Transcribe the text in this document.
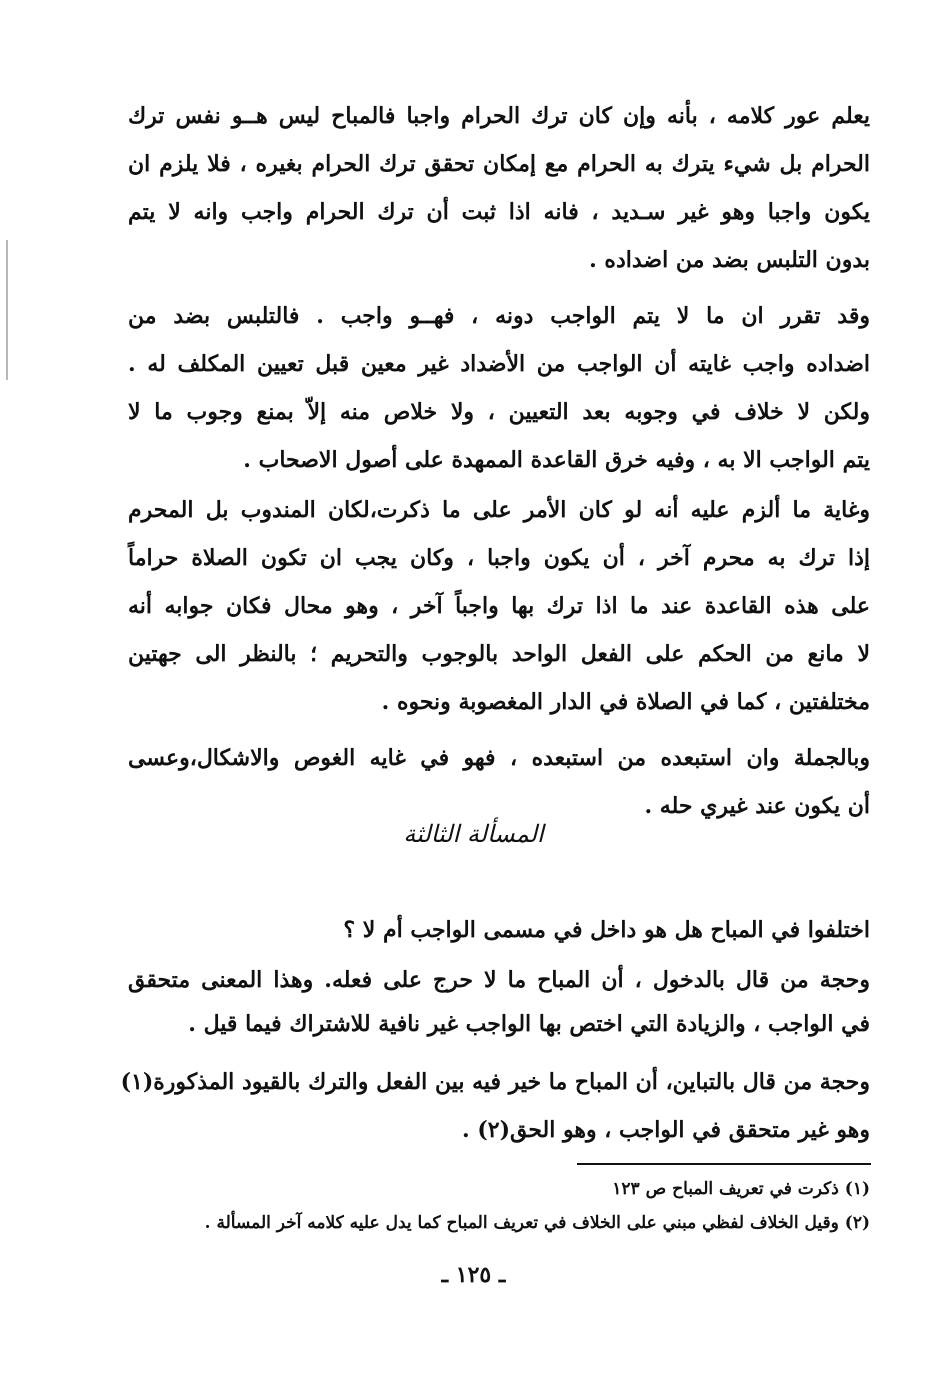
يعلم عور كلامه ، بأنه وإن كان ترك الحرام واجبا فالمباح ليس هــو نفس ترك
الحرام بل شيء يترك به الحرام مع إمكان تحقق ترك الحرام بغيره ، فلا يلزم ان
يكون واجبا وهو غير سـديد ، فانه اذا ثبت أن ترك الحرام واجب وانه لا يتم
بدون التلبس بضد من اضداده .
وقد تقرر ان ما لا يتم الواجب دونه ، فهــو واجب . فالتلبس بضد من
اضداده واجب غايته أن الواجب من الأضداد غير معين قبل تعيين المكلف له .
ولكن لا خلاف في وجوبه بعد التعيين ، ولا خلاص منه إلاّ بمنع وجوب ما لا
يتم الواجب الا به ، وفيه خرق القاعدة الممهدة على أصول الاصحاب .
وغاية ما ألزم عليه أنه لو كان الأمر على ما ذكرت،لكان المندوب بل المحرم
إذا ترك به محرم آخر ، أن يكون واجبا ، وكان يجب ان تكون الصلاة حراماً
على هذه القاعدة عند ما اذا ترك بها واجباً آخر ، وهو محال فكان جوابه أنه
لا مانع من الحكم على الفعل الواحد بالوجوب والتحريم ؛ بالنظر الى جهتين
مختلفتين ، كما في الصلاة في الدار المغصوبة ونحوه .
وبالجملة وان استبعده من استبعده ، فهو في غايه الغوص والاشكال،وعسى
أن يكون عند غيري حله .
المسألة الثالثة
اختلفوا في المباح هل هو داخل في مسمى الواجب أم لا ؟
وحجة من قال بالدخول ، أن المباح ما لا حرج على فعله. وهذا المعنى متحقق
في الواجب ، والزيادة التي اختص بها الواجب غير نافية للاشتراك فيما قيل .
وحجة من قال بالتباين، أن المباح ما خير فيه بين الفعل والترك بالقيود المذكورة(١)
وهو غير متحقق في الواجب ، وهو الحق(٢) .
(١) ذكرت في تعريف المباح ص ١٢٣
(٢) وقيل الخلاف لفظي مبني على الخلاف في تعريف المباح كما يدل عليه كلامه آخر المسألة .
ـ ١٢٥ ـ
